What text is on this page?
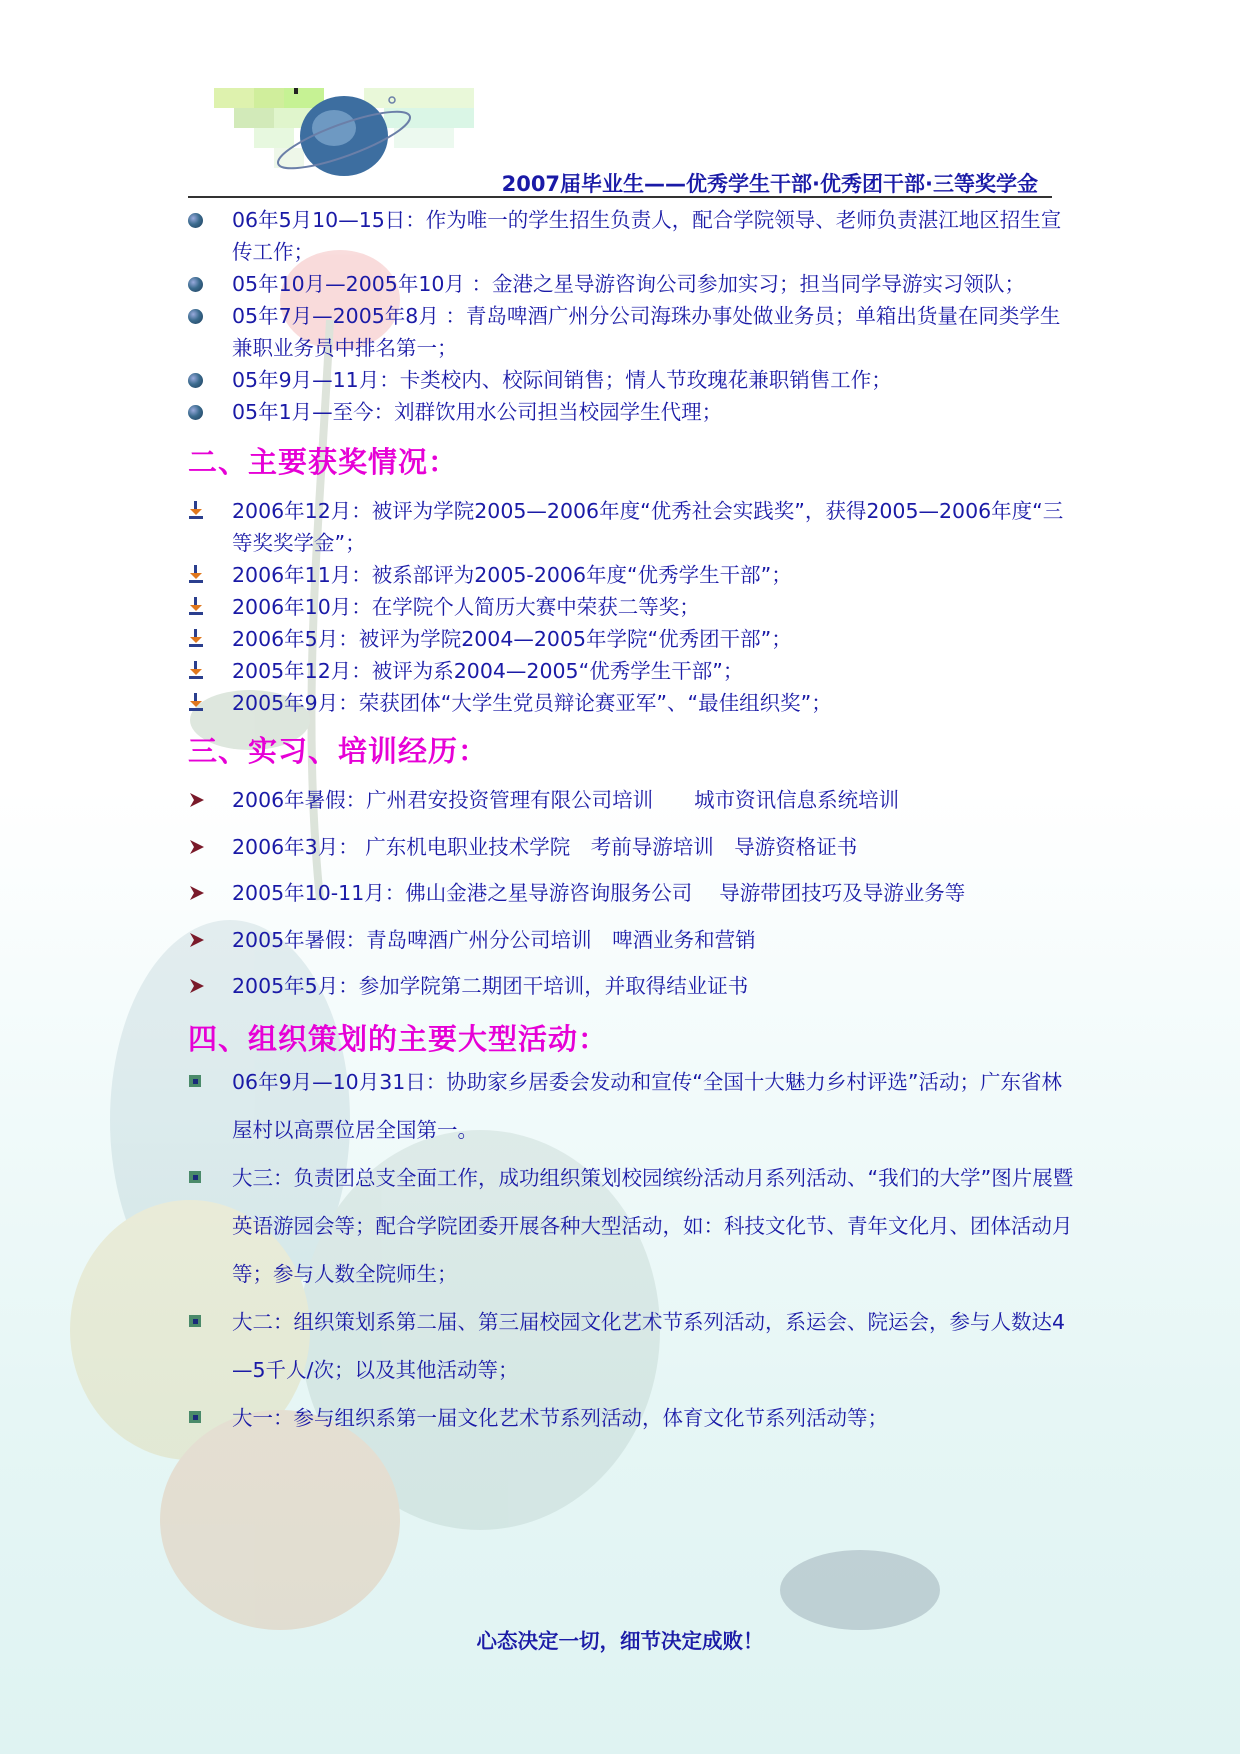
2007届毕业生——优秀学生干部·优秀团干部·三等奖学金
06年5月10—15日：作为唯一的学生招生负责人，配合学院领导、老师负责湛江地区招生宣传工作；
05年10月—2005年10月 ：金港之星导游咨询公司参加实习；担当同学导游实习领队；
05年7月—2005年8月 ：青岛啤酒广州分公司海珠办事处做业务员；单箱出货量在同类学生兼职业务员中排名第一；
05年9月—11月：卡类校内、校际间销售；情人节玫瑰花兼职销售工作；
05年1月—至今：刘群饮用水公司担当校园学生代理；
二、主要获奖情况：
2006年12月：被评为学院2005—2006年度“优秀社会实践奖”，获得2005—2006年度“三等奖奖学金”；
2006年11月：被系部评为2005-2006年度“优秀学生干部”；
2006年10月：在学院个人简历大赛中荣获二等奖；
2006年5月：被评为学院2004—2005年学院“优秀团干部”；
2005年12月：被评为系2004—2005“优秀学生干部”；
2005年9月：荣获团体“大学生党员辩论赛亚军”、“最佳组织奖”；
三、实习、培训经历：
2006年暑假：广州君安投资管理有限公司培训　　城市资讯信息系统培训
2006年3月： 广东机电职业技术学院　考前导游培训　导游资格证书
2005年10-11月：佛山金港之星导游咨询服务公司　 导游带团技巧及导游业务等
2005年暑假：青岛啤酒广州分公司培训　啤酒业务和营销
2005年5月：参加学院第二期团干培训，并取得结业证书
四、组织策划的主要大型活动：
06年9月—10月31日：协助家乡居委会发动和宣传“全国十大魅力乡村评选”活动；广东省林屋村以高票位居全国第一。
大三：负责团总支全面工作，成功组织策划校园缤纷活动月系列活动、“我们的大学”图片展暨英语游园会等；配合学院团委开展各种大型活动，如：科技文化节、青年文化月、团体活动月等；参与人数全院师生；
大二：组织策划系第二届、第三届校园文化艺术节系列活动，系运会、院运会，参与人数达4—5千人/次；以及其他活动等；
大一：参与组织系第一届文化艺术节系列活动，体育文化节系列活动等；
心态决定一切，细节决定成败！
